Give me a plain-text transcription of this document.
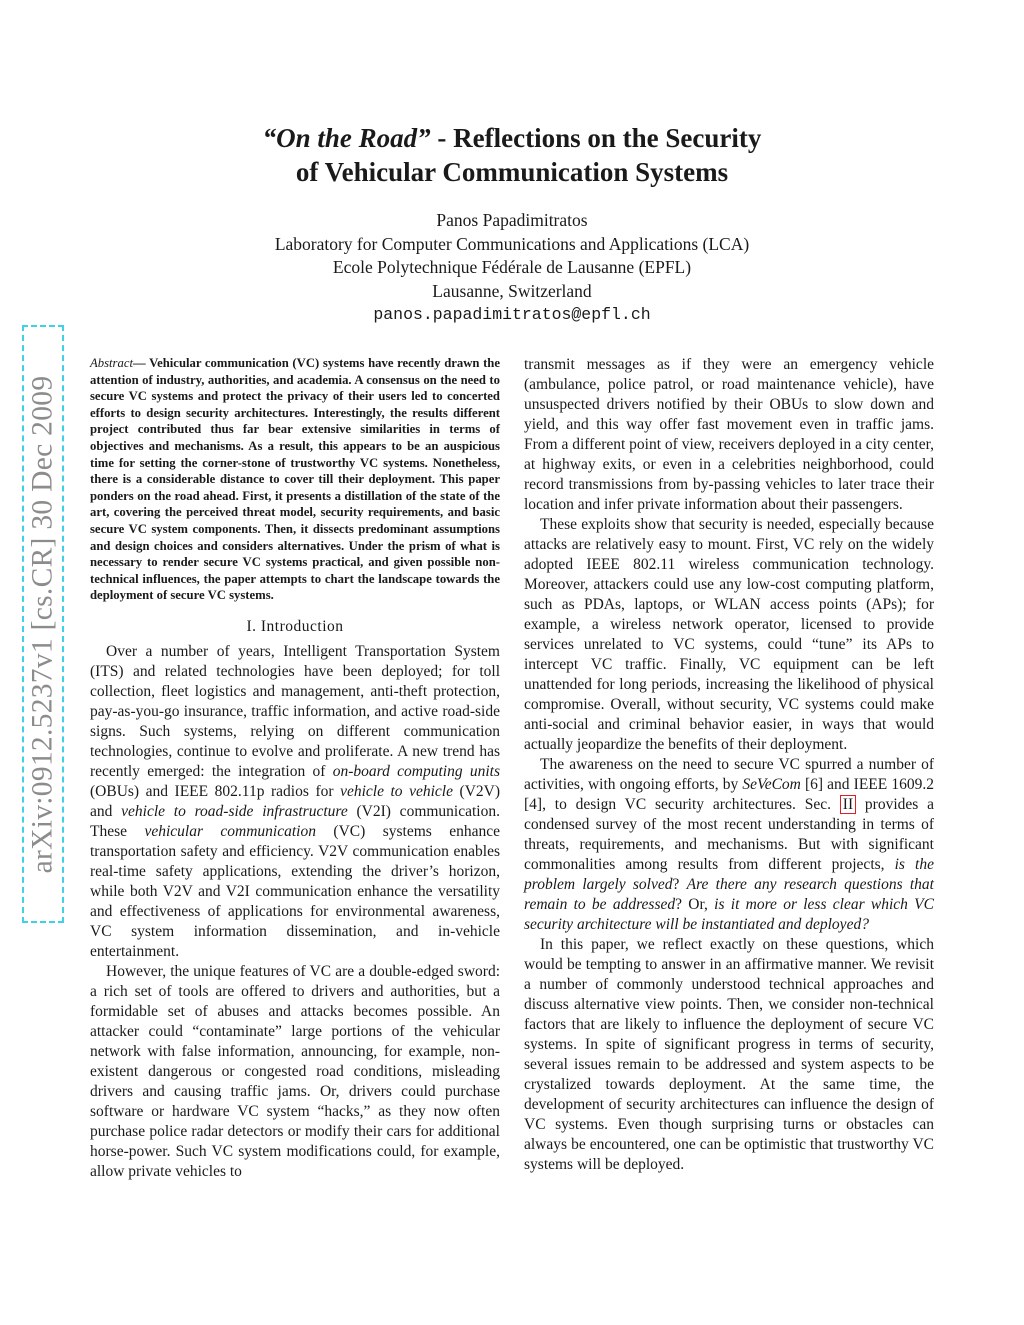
arXiv:0912.5237v1 [cs.CR] 30 Dec 2009
“On the Road” - Reflections on the Security
of Vehicular Communication Systems
Panos Papadimitratos
Laboratory for Computer Communications and Applications (LCA)
Ecole Polytechnique Fédérale de Lausanne (EPFL)
Lausanne, Switzerland
panos.papadimitratos@epfl.ch

Abstract— Vehicular communication (VC) systems have recently drawn the attention of industry, authorities, and academia. A consensus on the need to secure VC systems and protect the privacy of their users led to concerted efforts to design security architectures. Interestingly, the results different project contributed thus far bear extensive similarities in terms of objectives and mechanisms. As a result, this appears to be an auspicious time for setting the corner-stone of trustworthy VC systems. Nonetheless, there is a considerable distance to cover till their deployment. This paper ponders on the road ahead. First, it presents a distillation of the state of the art, covering the perceived threat model, security requirements, and basic secure VC system components. Then, it dissects predominant assumptions and design choices and considers alternatives. Under the prism of what is necessary to render secure VC systems practical, and given possible non-technical influences, the paper attempts to chart the landscape towards the deployment of secure VC systems.

I. Introduction

Over a number of years, Intelligent Transportation System (ITS) and related technologies have been deployed; for toll collection, fleet logistics and management, anti-theft protection, pay-as-you-go insurance, traffic information, and active road-side signs. Such systems, relying on different communication technologies, continue to evolve and proliferate. A new trend has recently emerged: the integration of on-board computing units (OBUs) and IEEE 802.11p radios for vehicle to vehicle (V2V) and vehicle to road-side infrastructure (V2I) communication. These vehicular communication (VC) systems enhance transportation safety and efficiency. V2V communication enables real-time safety applications, extending the driver’s horizon, while both V2V and V2I communication enhance the versatility and effectiveness of applications for environmental awareness, VC system information dissemination, and in-vehicle entertainment.

However, the unique features of VC are a double-edged sword: a rich set of tools are offered to drivers and authorities, but a formidable set of abuses and attacks becomes possible. An attacker could “contaminate” large portions of the vehicular network with false information, announcing, for example, non-existent dangerous or congested road conditions, misleading drivers and causing traffic jams. Or, drivers could purchase software or hardware VC system “hacks,” as they now often purchase police radar detectors or modify their cars for additional horse-power. Such VC system modifications could, for example, allow private vehicles to

transmit messages as if they were an emergency vehicle (ambulance, police patrol, or road maintenance vehicle), have unsuspected drivers notified by their OBUs to slow down and yield, and this way offer fast movement even in traffic jams. From a different point of view, receivers deployed in a city center, at highway exits, or even in a celebrities neighborhood, could record transmissions from by-passing vehicles to later trace their location and infer private information about their passengers.

These exploits show that security is needed, especially because attacks are relatively easy to mount. First, VC rely on the widely adopted IEEE 802.11 wireless communication technology. Moreover, attackers could use any low-cost computing platform, such as PDAs, laptops, or WLAN access points (APs); for example, a wireless network operator, licensed to provide services unrelated to VC systems, could “tune” its APs to intercept VC traffic. Finally, VC equipment can be left unattended for long periods, increasing the likelihood of physical compromise. Overall, without security, VC systems could make anti-social and criminal behavior easier, in ways that would actually jeopardize the benefits of their deployment.

The awareness on the need to secure VC spurred a number of activities, with ongoing efforts, by SeVeCom [6] and IEEE 1609.2 [4], to design VC security architectures. Sec. II provides a condensed survey of the most recent understanding in terms of threats, requirements, and mechanisms. But with significant commonalities among results from different projects, is the problem largely solved? Are there any research questions that remain to be addressed? Or, is it more or less clear which VC security architecture will be instantiated and deployed?

In this paper, we reflect exactly on these questions, which would be tempting to answer in an affirmative manner. We revisit a number of commonly understood technical approaches and discuss alternative view points. Then, we consider non-technical factors that are likely to influence the deployment of secure VC systems. In spite of significant progress in terms of security, several issues remain to be addressed and system aspects to be crystalized towards deployment. At the same time, the development of security architectures can influence the design of VC systems. Even though surprising turns or obstacles can always be encountered, one can be optimistic that trustworthy VC systems will be deployed.
